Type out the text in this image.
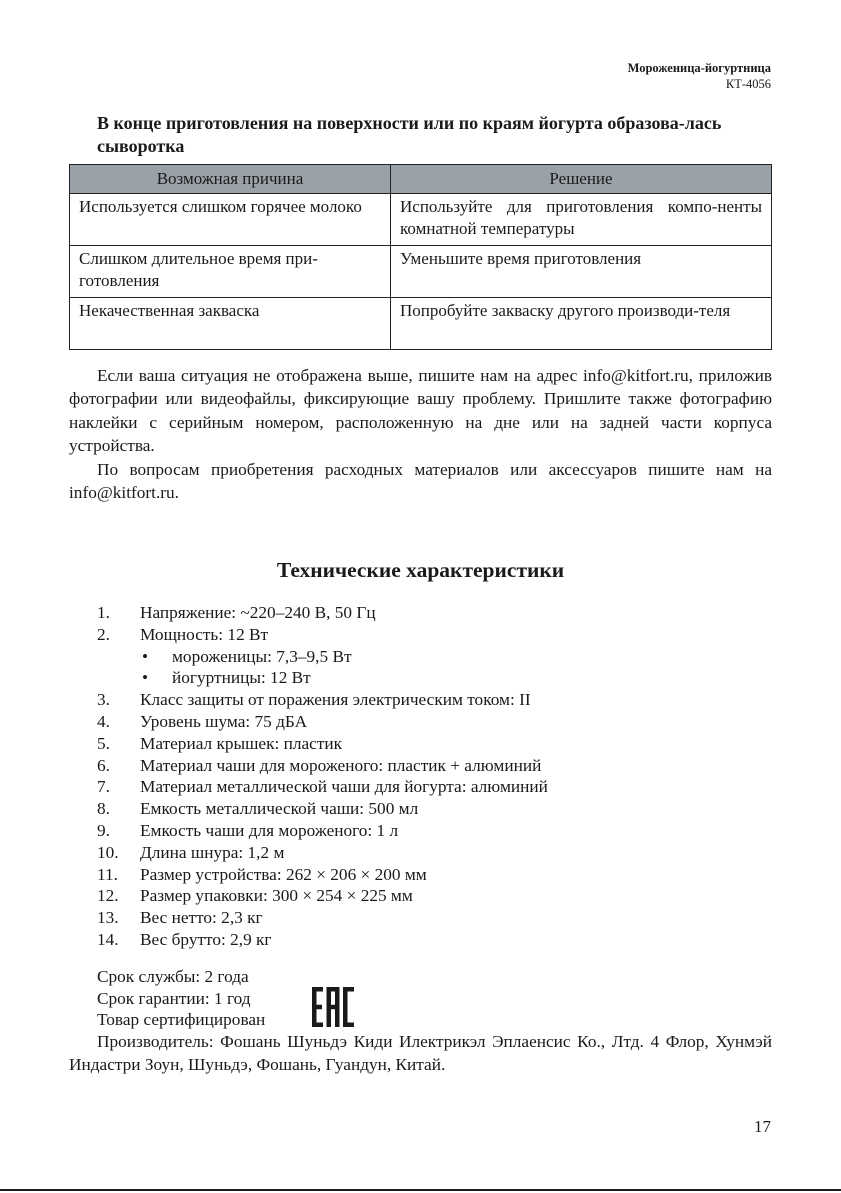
Мороженица-йогуртница
КТ-4056
В конце приготовления на поверхности или по краям йогурта образова-лась сыворотка
Возможная причина	Решение
Используется слишком горячее молоко	Используйте для приготовления компо-ненты комнатной температуры
Слишком длительное время при-готовления	Уменьшите время приготовления
Некачественная закваска	Попробуйте закваску другого производи-теля

Если ваша ситуация не отображена выше, пишите нам на адрес info@kitfort.ru, приложив фотографии или видеофайлы, фиксирующие вашу проблему. Пришлите также фотографию наклейки с серийным номером, расположенную на дне или на задней части корпуса устройства.

По вопросам приобретения расходных материалов или аксессуаров пишите нам на info@kitfort.ru.

Технические характеристики
1. Напряжение: ~220–240 В, 50 Гц
2. Мощность: 12 Вт
• мороженицы: 7,3–9,5 Вт
• йогуртницы: 12 Вт
3. Класс защиты от поражения электрическим током: II
4. Уровень шума: 75 дБА
5. Материал крышек: пластик
6. Материал чаши для мороженого: пластик + алюминий
7. Материал металлической чаши для йогурта: алюминий
8. Емкость металлической чаши: 500 мл
9. Емкость чаши для мороженого: 1 л
10. Длина шнура: 1,2 м
11. Размер устройства: 262 × 206 × 200 мм
12. Размер упаковки: 300 × 254 × 225 мм
13. Вес нетто: 2,3 кг
14. Вес брутто: 2,9 кг
Срок службы: 2 года
Срок гарантии: 1 год
Товар сертифицирован

Производитель: Фошань Шуньдэ Киди Илектрикэл Эплаенсис Ко., Лтд. 4 Флор, Хунмэй Индастри Зоун, Шуньдэ, Фошань, Гуандун, Китай.

17
